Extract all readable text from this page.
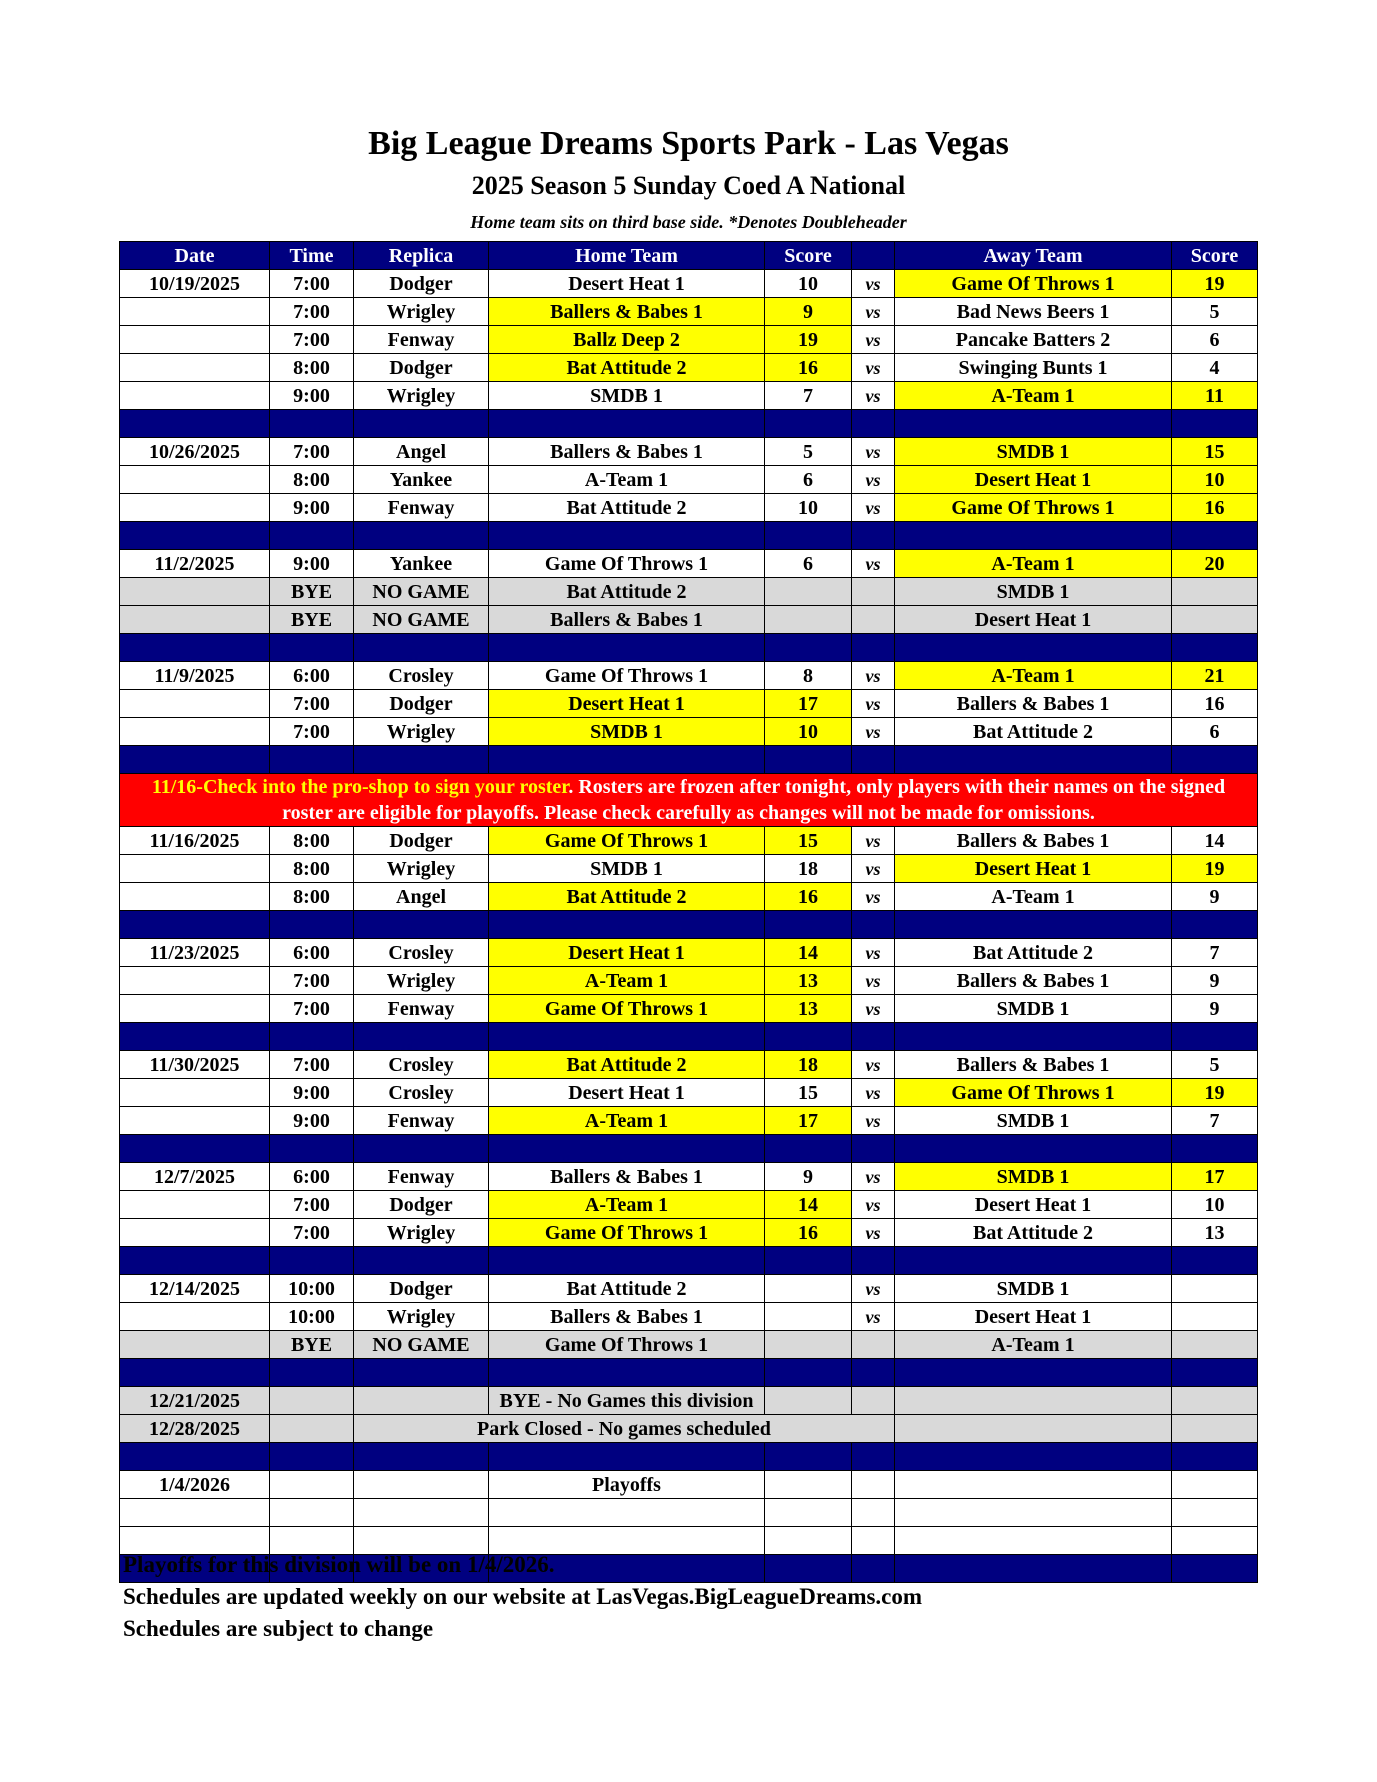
Big League Dreams Sports Park - Las Vegas
2025 Season 5 Sunday Coed A National

Home team sits on third base side. *Denotes Doubleheader

Date	Time	Replica	Home Team	Score		Away Team	Score
10/19/2025	7:00	Dodger	Desert Heat 1	10	vs	Game Of Throws 1	19
	7:00	Wrigley	Ballers & Babes 1	9	vs	Bad News Beers 1	5
	7:00	Fenway	Ballz Deep 2	19	vs	Pancake Batters 2	6
	8:00	Dodger	Bat Attitude 2	16	vs	Swinging Bunts 1	4
	9:00	Wrigley	SMDB 1	7	vs	A-Team 1	11

10/26/2025	7:00	Angel	Ballers & Babes 1	5	vs	SMDB 1	15
	8:00	Yankee	A-Team 1	6	vs	Desert Heat 1	10
	9:00	Fenway	Bat Attitude 2	10	vs	Game Of Throws 1	16

11/2/2025	9:00	Yankee	Game Of Throws 1	6	vs	A-Team 1	20
	BYE	NO GAME	Bat Attitude 2			SMDB 1	
	BYE	NO GAME	Ballers & Babes 1			Desert Heat 1	

11/9/2025	6:00	Crosley	Game Of Throws 1	8	vs	A-Team 1	21
	7:00	Dodger	Desert Heat 1	17	vs	Ballers & Babes 1	16
	7:00	Wrigley	SMDB 1	10	vs	Bat Attitude 2	6

11/16-Check into the pro-shop to sign your roster. Rosters are frozen after tonight, only players with their names on the signed roster are eligible for playoffs. Please check carefully as changes will not be made for omissions.							
11/16/2025	8:00	Dodger	Game Of Throws 1	15	vs	Ballers & Babes 1	14
	8:00	Wrigley	SMDB 1	18	vs	Desert Heat 1	19
	8:00	Angel	Bat Attitude 2	16	vs	A-Team 1	9

11/23/2025	6:00	Crosley	Desert Heat 1	14	vs	Bat Attitude 2	7
	7:00	Wrigley	A-Team 1	13	vs	Ballers & Babes 1	9
	7:00	Fenway	Game Of Throws 1	13	vs	SMDB 1	9

11/30/2025	7:00	Crosley	Bat Attitude 2	18	vs	Ballers & Babes 1	5
	9:00	Crosley	Desert Heat 1	15	vs	Game Of Throws 1	19
	9:00	Fenway	A-Team 1	17	vs	SMDB 1	7

12/7/2025	6:00	Fenway	Ballers & Babes 1	9	vs	SMDB 1	17
	7:00	Dodger	A-Team 1	14	vs	Desert Heat 1	10
	7:00	Wrigley	Game Of Throws 1	16	vs	Bat Attitude 2	13

12/14/2025	10:00	Dodger	Bat Attitude 2		vs	SMDB 1	
	10:00	Wrigley	Ballers & Babes 1		vs	Desert Heat 1	
	BYE	NO GAME	Game Of Throws 1			A-Team 1	

12/21/2025			BYE - No Games this division				
12/28/2025		Park Closed - No games scheduled					

1/4/2026			Playoffs				

Playoffs for this division will be on 1/4/2026.

Schedules are updated weekly on our website at LasVegas.BigLeagueDreams.com

Schedules are subject to change
